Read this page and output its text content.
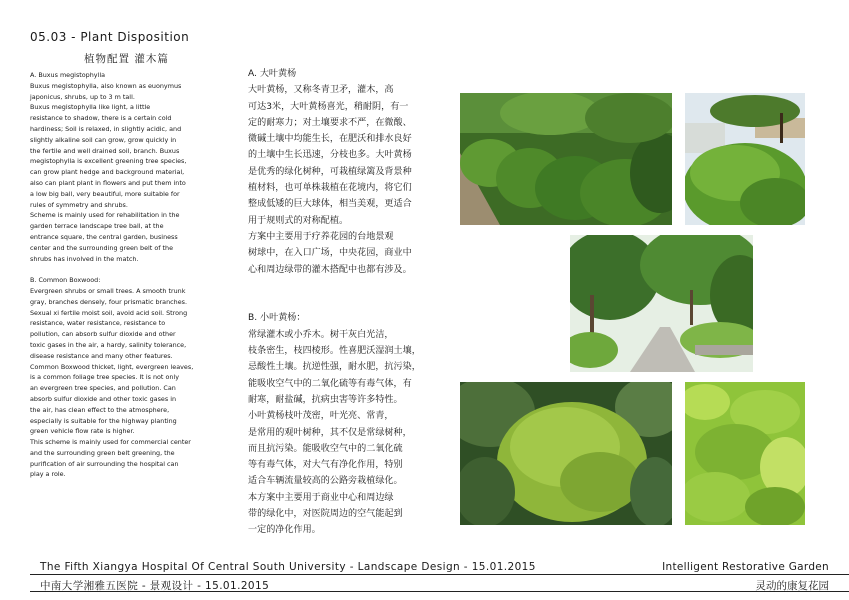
05.03 - Plant Disposition
植物配置 灌木篇

A. Buxus megistophylla

Buxus megistophylla, also known as euonymus

japonicus, shrubs, up to 3 m tall.

Buxus megistophylla like light, a little

resistance to shadow, there is a certain cold

hardiness; Soil is relaxed, in slightly acidic, and

slightly alkaline soil can grow, grow quickly in

the fertile and well drained soil, branch. Buxus

megistophylla is excellent greening tree species,

can grow plant hedge and background material,

also can plant plant in flowers and put them into

a low big ball, very beautiful, more suitable for

rules of symmetry and shrubs.

Scheme is mainly used for rehabilitation in the

garden terrace landscape tree ball, at the

entrance square, the central garden, business

center and the surrounding green belt of the

shrubs has involved in the match.

B. Common Boxwood:

Evergreen shrubs or small trees. A smooth trunk

gray, branches densely, four prismatic branches.

Sexual xi fertile moist soil, avoid acid soil. Strong

resistance, water resistance, resistance to

pollution, can absorb sulfur dioxide and other

toxic gases in the air, a hardy, salinity tolerance,

disease resistance and many other features.

Common Boxwood thicket, light, evergreen leaves,

is a common foliage tree species. It is not only

an evergreen tree species, and pollution. Can

absorb sulfur dioxide and other toxic gases in

the air, has clean effect to the atmosphere,

especially is suitable for the highway planting

green vehicle flow rate is higher.

This scheme is mainly used for commercial center

and the surrounding green belt greening, the

purification of air surrounding the hospital can

play a role.

A. 大叶黄杨

大叶黄杨，又称冬青卫矛，灌木，高

可达3米，大叶黄杨喜光，稍耐阴，有一

定的耐寒力；对土壤要求不严，在微酸、

微碱土壤中均能生长，在肥沃和排水良好

的土壤中生长迅速，分枝也多。大叶黄杨

是优秀的绿化树种，可栽植绿篱及背景种

植材料，也可单株栽植在花境内，将它们

整成低矮的巨大球体，相当美观，更适合

用于规则式的对称配植。

方案中主要用于疗养花园的台地景观

树球中，在入口广场，中央花园，商业中

心和周边绿带的灌木搭配中也都有涉及。

B. 小叶黄杨：

常绿灌木或小乔木。树干灰白光洁，

枝条密生，枝四棱形。性喜肥沃湿润土壤，

忌酸性土壤。抗逆性强，耐水肥，抗污染，

能吸收空气中的二氧化硫等有毒气体，有

耐寒，耐盐碱，抗病虫害等许多特性。

小叶黄杨枝叶茂密，叶光亮、常青，

是常用的观叶树种，其不仅是常绿树种，

而且抗污染。能吸收空气中的二氧化硫

等有毒气体，对大气有净化作用，特别

适合车辆流量较高的公路旁栽植绿化。

本方案中主要用于商业中心和周边绿

带的绿化中，对医院周边的空气能起到

一定的净化作用。

The Fifth Xiangya Hospital Of Central South University - Landscape Design - 15.01.2015
中南大学湘雅五医院 - 景观设计 - 15.01.2015
Intelligent Restorative Garden
灵动的康复花园
